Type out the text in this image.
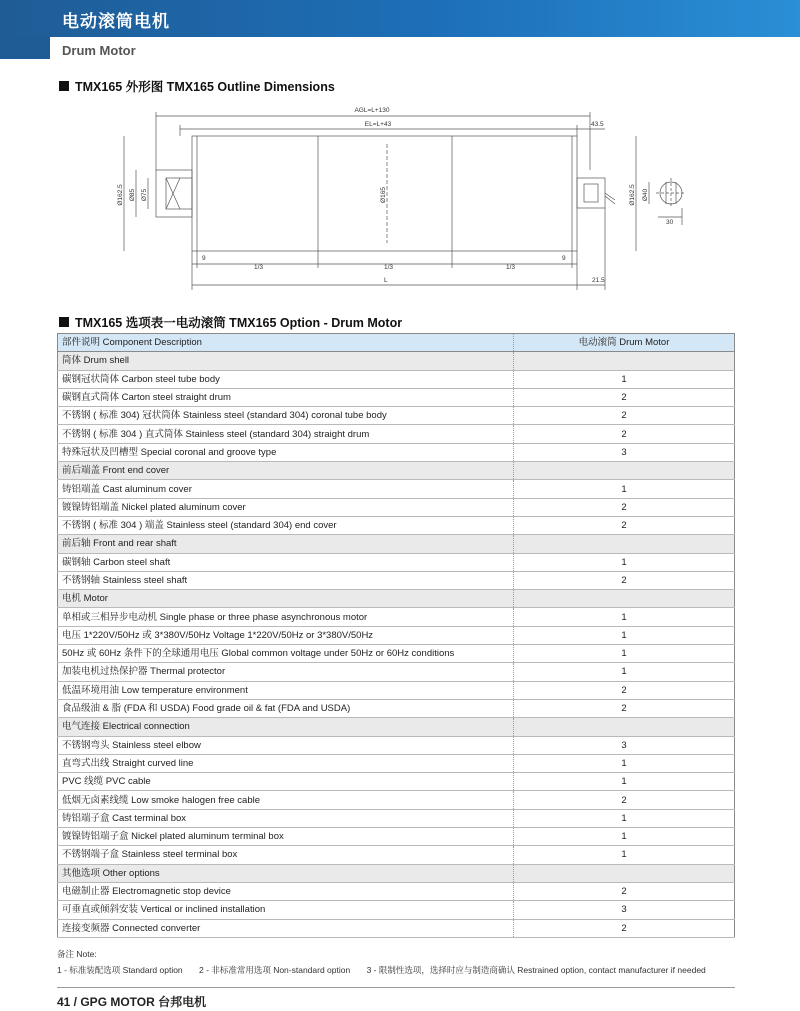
电动滚筒电机
Drum Motor
TMX165 外形图 TMX165 Outline Dimensions
AGL=L+130
EL=L+43	43.5
Ø162.5 Ø85 Ø75	Ø165	Ø162.5 Ø40
30
9
1/3	1/3	1/3
9
L	21.5
TMX165 选项表一电动滚筒 TMX165 Option - Drum Motor
部件说明 Component Description	电动滚筒 Drum Motor
筒体 Drum shell	
碳钢冠状筒体 Carbon steel tube body	1
碳钢直式筒体 Carton steel straight drum	2
不锈钢 ( 标准 304) 冠状筒体 Stainless steel (standard 304) coronal tube body	2
不锈钢 ( 标准 304 ) 直式筒体 Stainless steel (standard 304) straight drum	2
特殊冠状及凹槽型 Special coronal and groove type	3
前后端盖 Front end cover	
铸铝端盖 Cast aluminum cover	1
镀镍铸铝端盖 Nickel plated aluminum cover	2
不锈钢 ( 标准 304 ) 端盖 Stainless steel (standard 304) end cover	2
前后轴 Front and rear shaft	
碳钢轴 Carbon steel shaft	1
不锈钢轴 Stainless steel shaft	2
电机 Motor	
单相或三相异步电动机 Single phase or three phase asynchronous motor	1
电压 1*220V/50Hz 或 3*380V/50Hz Voltage 1*220V/50Hz or 3*380V/50Hz	1
50Hz 或 60Hz 条件下的全球通用电压 Global common voltage under 50Hz or 60Hz conditions	1
加装电机过热保护器 Thermal protector	1
低温环境用油 Low temperature environment	2
食品级油 & 脂 (FDA 和 USDA) Food grade oil & fat (FDA and USDA)	2
电气连接 Electrical connection	
不锈钢弯头 Stainless steel elbow	3
直弯式出线 Straight curved line	1
PVC 线缆 PVC cable	1
低烟无卤素线缆 Low smoke halogen free cable	2
铸铝端子盒 Cast terminal box	1
镀镍铸铝端子盒 Nickel plated aluminum terminal box	1
不锈钢端子盒 Stainless steel terminal box	1
其他选项 Other options	
电磁制止器 Electromagnetic stop device	2
可垂直或倾斜安装 Vertical or inclined installation	3
连接变频器 Connected converter	2
备注 Note:
1 - 标准装配选项 Standard option 2 - 非标准常用选项 Non-standard option 3 - 限制性选项，选择时应与制造商确认 Restrained option, contact manufacturer if needed
41 / GPG MOTOR 台邦电机
